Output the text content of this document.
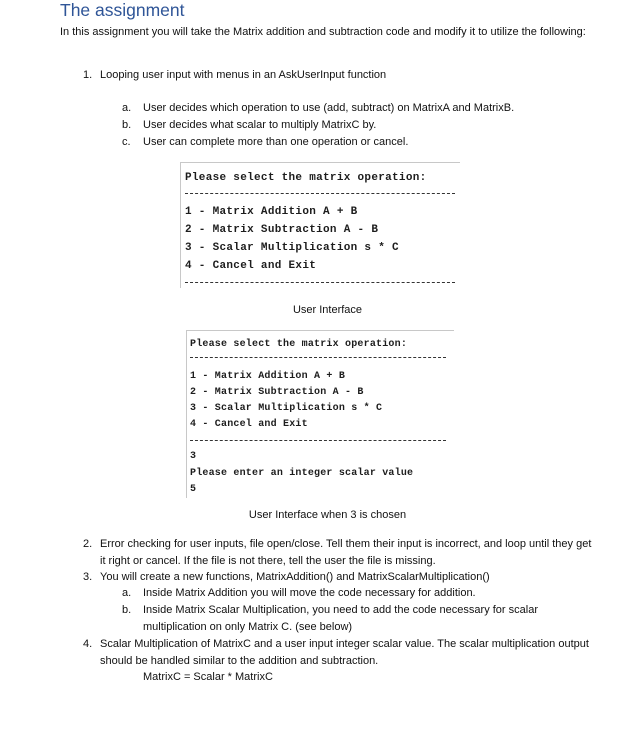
The assignment
In this assignment you will take the Matrix addition and subtraction code and modify it to utilize the following:
1. Looping user input with menus in an AskUserInput function
a. User decides which operation to use (add, subtract) on MatrixA and MatrixB.
b. User decides what scalar to multiply MatrixC by.
c. User can complete more than one operation or cancel.
Please select the matrix operation:
1 - Matrix Addition A + B
2 - Matrix Subtraction A - B
3 - Scalar Multiplication s * C
4 - Cancel and Exit
User Interface
Please select the matrix operation:
1 - Matrix Addition A + B
2 - Matrix Subtraction A - B
3 - Scalar Multiplication s * C
4 - Cancel and Exit
3
Please enter an integer scalar value
5
User Interface when 3 is chosen
2. Error checking for user inputs, file open/close. Tell them their input is incorrect, and loop until they get it right or cancel. If the file is not there, tell the user the file is missing.
3. You will create a new functions, MatrixAddition() and MatrixScalarMultiplication()
a. Inside Matrix Addition you will move the code necessary for addition.
b. Inside Matrix Scalar Multiplication, you need to add the code necessary for scalar multiplication on only Matrix C. (see below)
4. Scalar Multiplication of MatrixC and a user input integer scalar value. The scalar multiplication output should be handled similar to the addition and subtraction.
MatrixC = Scalar * MatrixC
